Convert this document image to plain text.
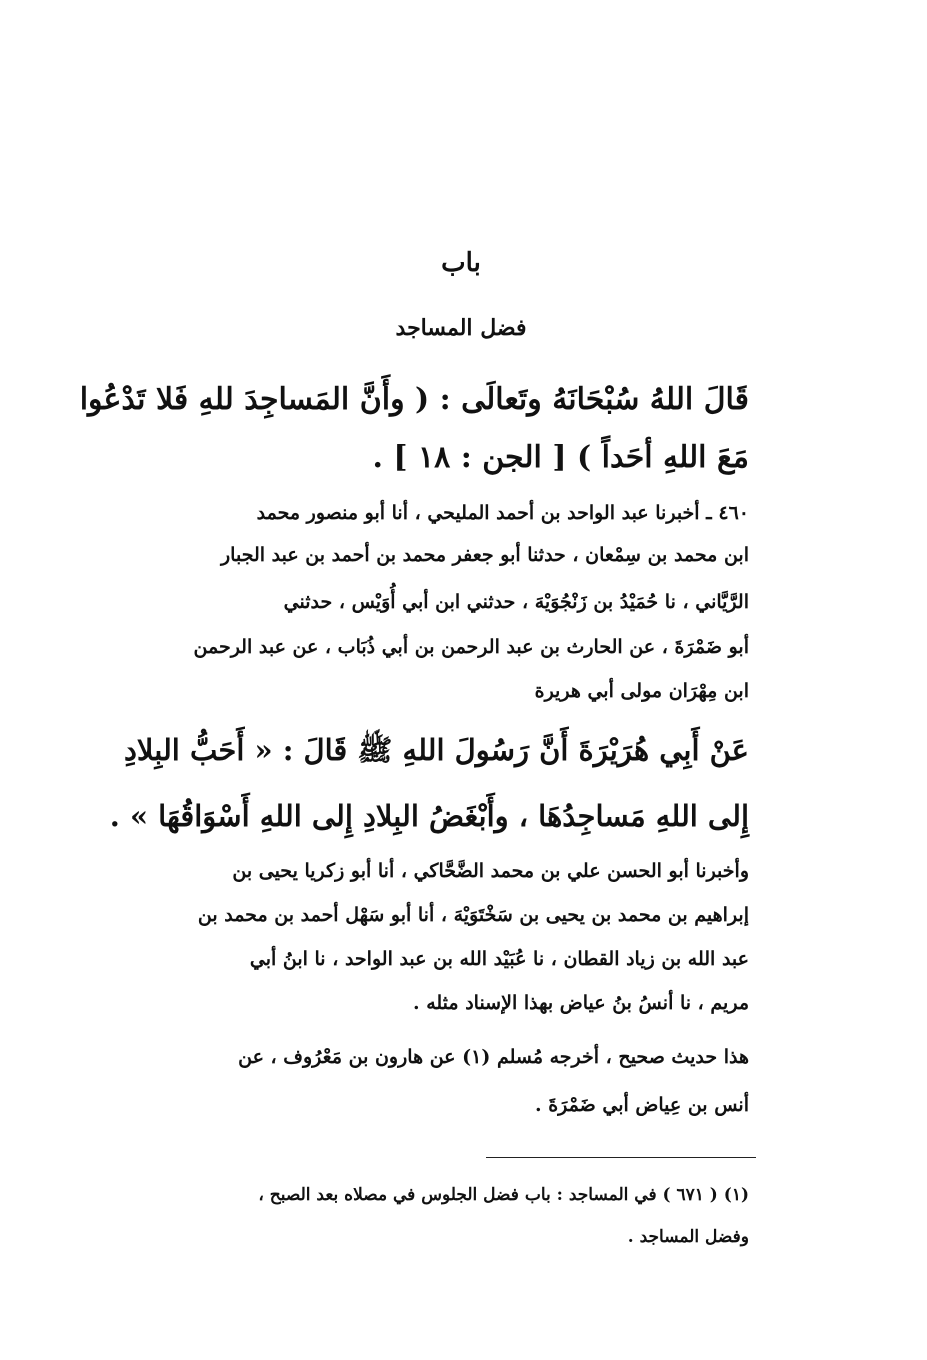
باب
فضل المساجد
قَالَ اللهُ سُبْحَانَهُ وتَعالَى : ( وأَنَّ المَساجِدَ للهِ فَلا تَدْعُوا
مَعَ اللهِ أحَداً ) [ الجن : ١٨ ] .
٤٦٠ ـ أخبرنا عبد الواحد بن أحمد المليحي ، أنا أبو منصور محمد
ابن محمد بن سِمْعان ، حدثنا أبو جعفر محمد بن أحمد بن عبد الجبار
الرَّيَّاني ، نا حُمَيْدُ بن زَنْجُوَيْهَ ، حدثني ابن أبي أُوَيْس ، حدثني
أبو ضَمْرَةَ ، عن الحارث بن عبد الرحمن بن أبي ذُبَاب ، عن عبد الرحمن
ابن مِهْرَان مولى أبي هريرة
عَنْ أَبِي هُرَيْرَةَ أَنَّ رَسُولَ اللهِ ﷺ قَالَ : « أَحَبُّ البِلادِ
إِلى اللهِ مَساجِدُهَا ، وأَبْغَضُ البِلادِ إِلى اللهِ أَسْوَاقُهَا » .
وأخبرنا أبو الحسن علي بن محمد الضَّحَّاكي ، أنا أبو زكريا يحيى بن
إبراهيم بن محمد بن يحيى بن سَخْتَوَيْهَ ، أنا أبو سَهْل أحمد بن محمد بن
عبد الله بن زياد القطان ، نا عُبَيْد الله بن عبد الواحد ، نا ابنُ أبي
مريم ، نا أنسُ بنُ عياض بهذا الإسناد مثله .
هذا حديث صحيح ، أخرجه مُسلم (١) عن هارون بن مَعْرُوف ، عن
أنس بن عِياض أبي ضَمْرَةَ .
(١) ( ٦٧١ ) في المساجد : باب فضل الجلوس في مصلاه بعد الصبح ،
وفضل المساجد .
